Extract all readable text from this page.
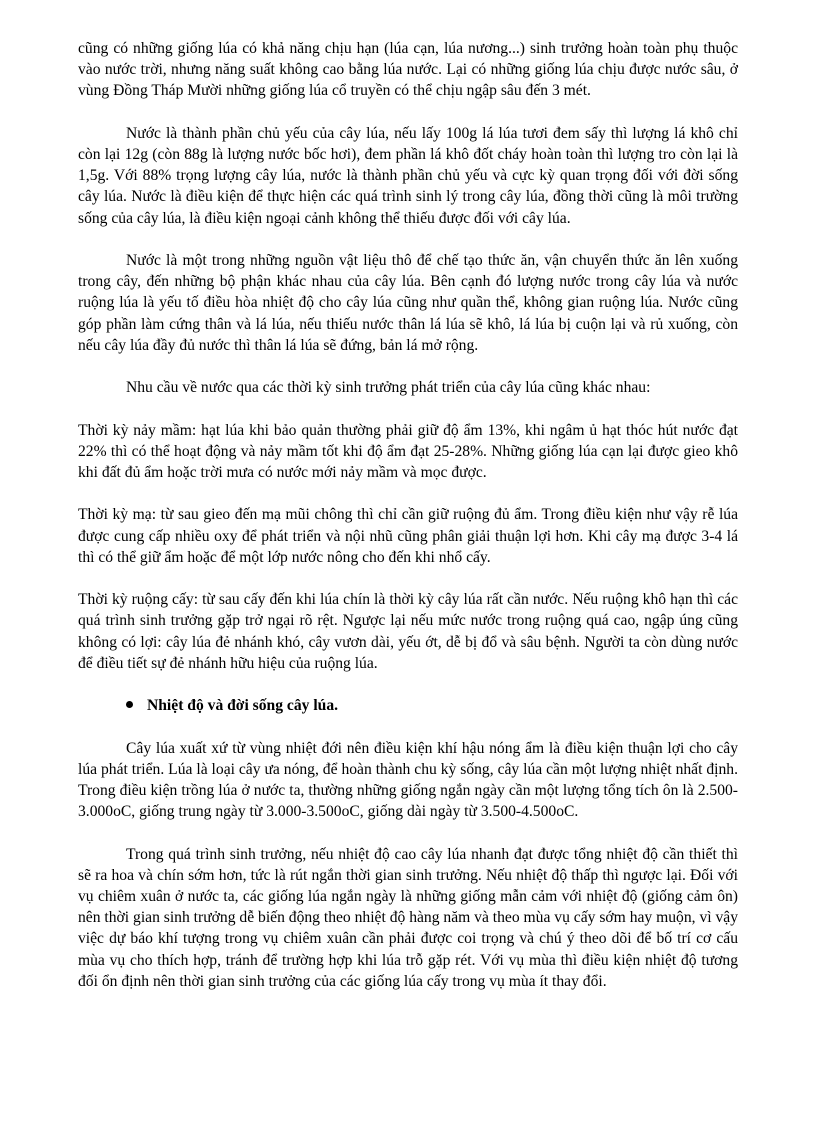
cũng có những giống lúa có khả năng chịu hạn (lúa cạn, lúa nương...) sinh trưởng hoàn toàn phụ thuộc vào nước trời, nhưng năng suất không cao bằng lúa nước. Lại có những giống lúa chịu được nước sâu, ở vùng Đồng Tháp Mười những giống lúa cổ truyền có thể chịu ngập sâu đến 3 mét.

Nước là thành phần chủ yếu của cây lúa, nếu lấy 100g lá lúa tươi đem sấy thì lượng lá khô chỉ còn lại 12g (còn 88g là lượng nước bốc hơi), đem phần lá khô đốt cháy hoàn toàn thì lượng tro còn lại là 1,5g. Với 88% trọng lượng cây lúa, nước là thành phần chủ yếu và cực kỳ quan trọng đối với đời sống cây lúa. Nước là điều kiện để thực hiện các quá trình sinh lý trong cây lúa, đồng thời cũng là môi trường sống của cây lúa, là điều kiện ngoại cảnh không thể thiếu được đối với cây lúa.

Nước là một trong những nguồn vật liệu thô để chế tạo thức ăn, vận chuyển thức ăn lên xuống trong cây, đến những bộ phận khác nhau của cây lúa. Bên cạnh đó lượng nước trong cây lúa và nước ruộng lúa là yếu tố điều hòa nhiệt độ cho cây lúa cũng như quần thể, không gian ruộng lúa. Nước cũng góp phần làm cứng thân và lá lúa, nếu thiếu nước thân lá lúa sẽ khô, lá lúa bị cuộn lại và rủ xuống, còn nếu cây lúa đầy đủ nước thì thân lá lúa sẽ đứng, bản lá mở rộng.

Nhu cầu về nước qua các thời kỳ sinh trưởng phát triển của cây lúa cũng khác nhau:

Thời kỳ nảy mầm: hạt lúa khi bảo quản thường phải giữ độ ẩm 13%, khi ngâm ủ hạt thóc hút nước đạt 22% thì có thể hoạt động và nảy mầm tốt khi độ ẩm đạt 25-28%. Những giống lúa cạn lại được gieo khô khi đất đủ ẩm hoặc trời mưa có nước mới nảy mầm và mọc được.

Thời kỳ mạ: từ sau gieo đến mạ mũi chông thì chỉ cần giữ ruộng đủ ẩm. Trong điều kiện như vậy rễ lúa được cung cấp nhiều oxy để phát triển và nội nhũ cũng phân giải thuận lợi hơn. Khi cây mạ được 3-4 lá thì có thể giữ ẩm hoặc để một lớp nước nông cho đến khi nhổ cấy.

Thời kỳ ruộng cấy: từ sau cấy đến khi lúa chín là thời kỳ cây lúa rất cần nước. Nếu ruộng khô hạn thì các quá trình sinh trưởng gặp trở ngại rõ rệt. Ngược lại nếu mức nước trong ruộng quá cao, ngập úng cũng không có lợi: cây lúa đẻ nhánh khó, cây vươn dài, yếu ớt, dễ bị đổ và sâu bệnh. Người ta còn dùng nước để điều tiết sự đẻ nhánh hữu hiệu của ruộng lúa.

Nhiệt độ và đời sống cây lúa.

Cây lúa xuất xứ từ vùng nhiệt đới nên điều kiện khí hậu nóng ẩm là điều kiện thuận lợi cho cây lúa phát triển. Lúa là loại cây ưa nóng, để hoàn thành chu kỳ sống, cây lúa cần một lượng nhiệt nhất định. Trong điều kiện trồng lúa ở nước ta, thường những giống ngắn ngày cần một lượng tổng tích ôn là 2.500-3.000oC, giống trung ngày từ 3.000-3.500oC, giống dài ngày từ 3.500-4.500oC.

Trong quá trình sinh trưởng, nếu nhiệt độ cao cây lúa nhanh đạt được tổng nhiệt độ cần thiết thì sẽ ra hoa và chín sớm hơn, tức là rút ngắn thời gian sinh trưởng. Nếu nhiệt độ thấp thì ngược lại. Đối với vụ chiêm xuân ở nước ta, các giống lúa ngắn ngày là những giống mẫn cảm với nhiệt độ (giống cảm ôn) nên thời gian sinh trưởng dễ biến động theo nhiệt độ hàng năm và theo mùa vụ cấy sớm hay muộn, vì vậy việc dự báo khí tượng trong vụ chiêm xuân cần phải được coi trọng và chú ý theo dõi để bố trí cơ cấu mùa vụ cho thích hợp, tránh để trường hợp khi lúa trỗ gặp rét. Với vụ mùa thì điều kiện nhiệt độ tương đối ổn định nên thời gian sinh trưởng của các giống lúa cấy trong vụ mùa ít thay đổi.
